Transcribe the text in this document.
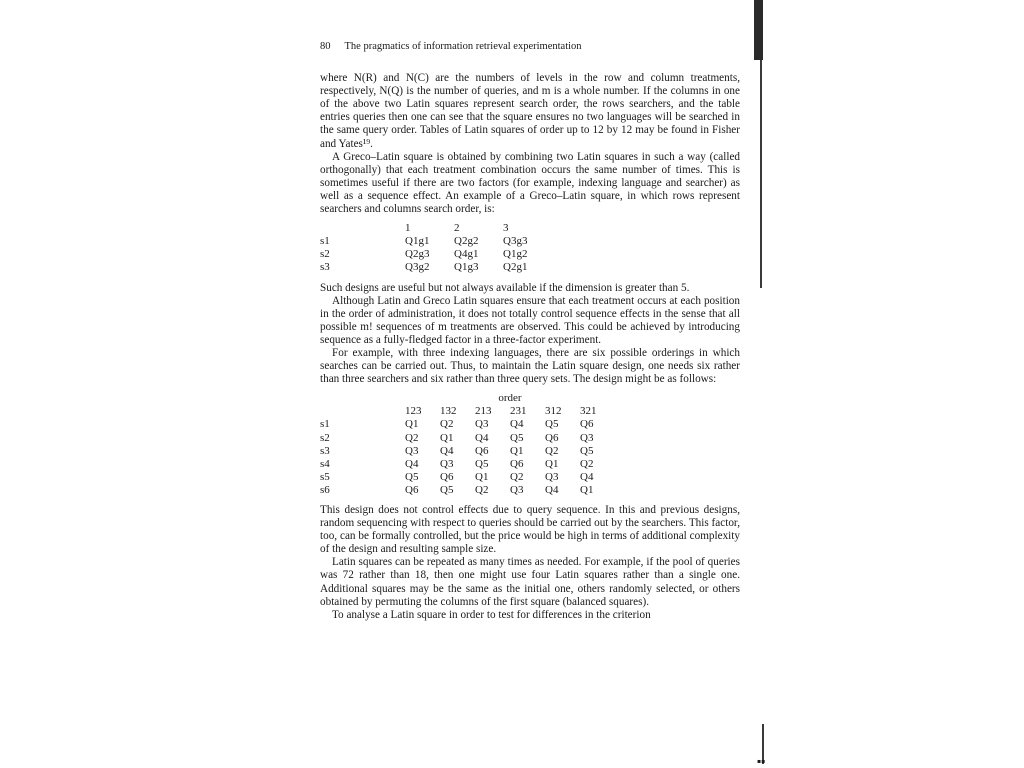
▪▪
80 The pragmatics of information retrieval experimentation

where N(R) and N(C) are the numbers of levels in the row and column treatments, respectively, N(Q) is the number of queries, and m is a whole number. If the columns in one of the above two Latin squares represent search order, the rows searchers, and the table entries queries then one can see that the square ensures no two languages will be searched in the same query order. Tables of Latin squares of order up to 12 by 12 may be found in Fisher and Yates¹⁹.

A Greco–Latin square is obtained by combining two Latin squares in such a way (called orthogonally) that each treatment combination occurs the same number of times. This is sometimes useful if there are two factors (for example, indexing language and searcher) as well as a sequence effect. An example of a Greco–Latin square, in which rows represent searchers and columns search order, is:

	1	2	3
s1	Q1g1	Q2g2	Q3g3
s2	Q2g3	Q4g1	Q1g2
s3	Q3g2	Q1g3	Q2g1

Such designs are useful but not always available if the dimension is greater than 5.

Although Latin and Greco Latin squares ensure that each treatment occurs at each position in the order of administration, it does not totally control sequence effects in the sense that all possible m! sequences of m treatments are observed. This could be achieved by introducing sequence as a fully-fledged factor in a three-factor experiment.

For example, with three indexing languages, there are six possible orderings in which searches can be carried out. Thus, to maintain the Latin square design, one needs six rather than three searchers and six rather than three query sets. The design might be as follows:

	order					
	123	132	213	231	312	321
s1	Q1	Q2	Q3	Q4	Q5	Q6
s2	Q2	Q1	Q4	Q5	Q6	Q3
s3	Q3	Q4	Q6	Q1	Q2	Q5
s4	Q4	Q3	Q5	Q6	Q1	Q2
s5	Q5	Q6	Q1	Q2	Q3	Q4
s6	Q6	Q5	Q2	Q3	Q4	Q1

This design does not control effects due to query sequence. In this and previous designs, random sequencing with respect to queries should be carried out by the searchers. This factor, too, can be formally controlled, but the price would be high in terms of additional complexity of the design and resulting sample size.

Latin squares can be repeated as many times as needed. For example, if the pool of queries was 72 rather than 18, then one might use four Latin squares rather than a single one. Additional squares may be the same as the initial one, others randomly selected, or others obtained by permuting the columns of the first square (balanced squares).

To analyse a Latin square in order to test for differences in the criterion
